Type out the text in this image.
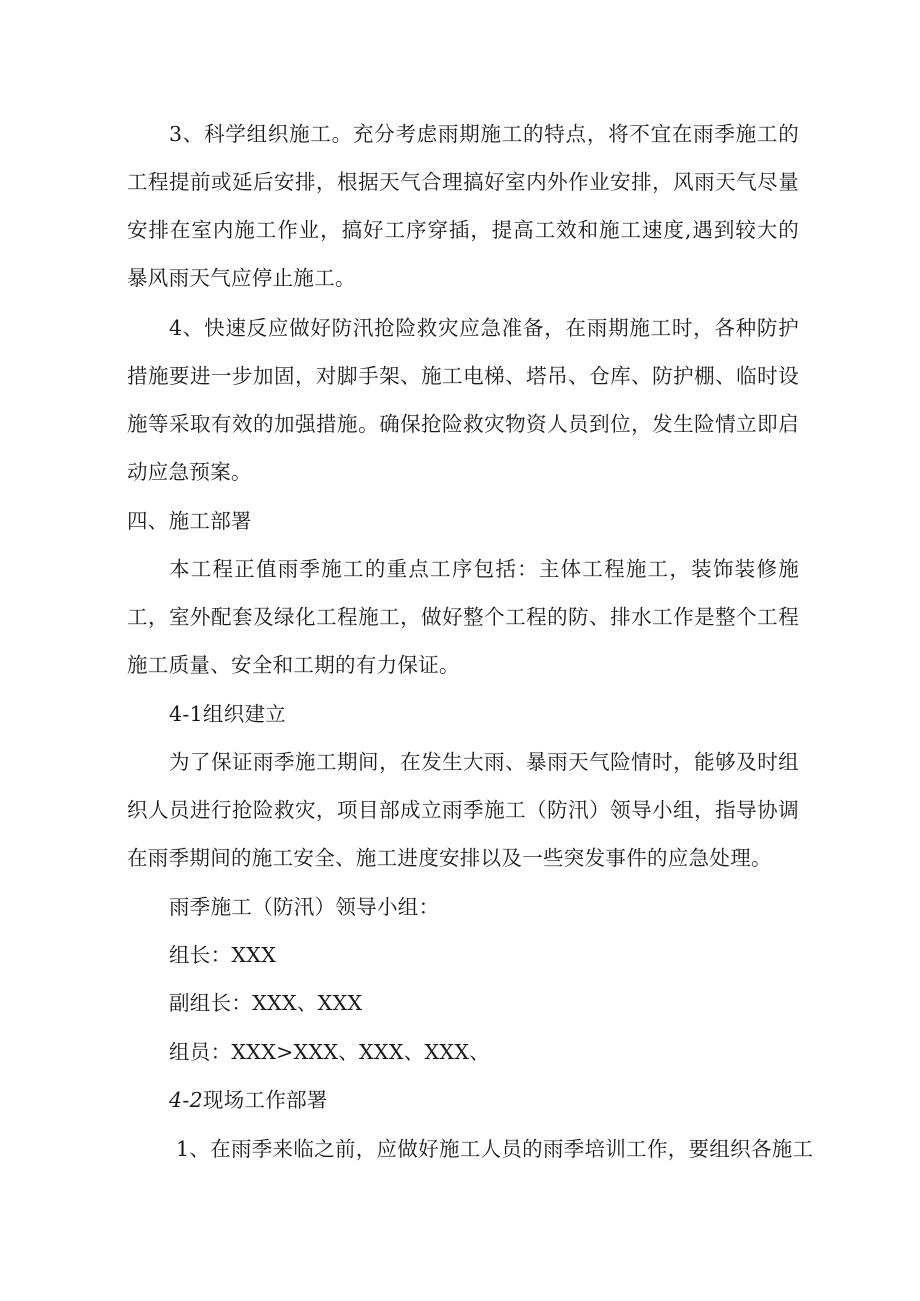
3、科学组织施工。充分考虑雨期施工的特点，将不宜在雨季施工的工程提前或延后安排，根据天气合理搞好室内外作业安排，风雨天气尽量安排在室内施工作业，搞好工序穿插，提高工效和施工速度,遇到较大的暴风雨天气应停止施工。

4、快速反应做好防汛抢险救灾应急准备，在雨期施工时，各种防护措施要进一步加固，对脚手架、施工电梯、塔吊、仓库、防护棚、临时设施等采取有效的加强措施。确保抢险救灾物资人员到位，发生险情立即启动应急预案。

四、施工部署

本工程正值雨季施工的重点工序包括：主体工程施工，装饰装修施工，室外配套及绿化工程施工，做好整个工程的防、排水工作是整个工程施工质量、安全和工期的有力保证。

4-1组织建立

为了保证雨季施工期间，在发生大雨、暴雨天气险情时，能够及时组织人员进行抢险救灾，项目部成立雨季施工（防汛）领导小组，指导协调在雨季期间的施工安全、施工进度安排以及一些突发事件的应急处理。

雨季施工（防汛）领导小组：

组长：XXX

副组长：XXX、XXX

组员：XXX>XXX、XXX、XXX、

4-2现场工作部署

1、在雨季来临之前，应做好施工人员的雨季培训工作，要组织各施工
